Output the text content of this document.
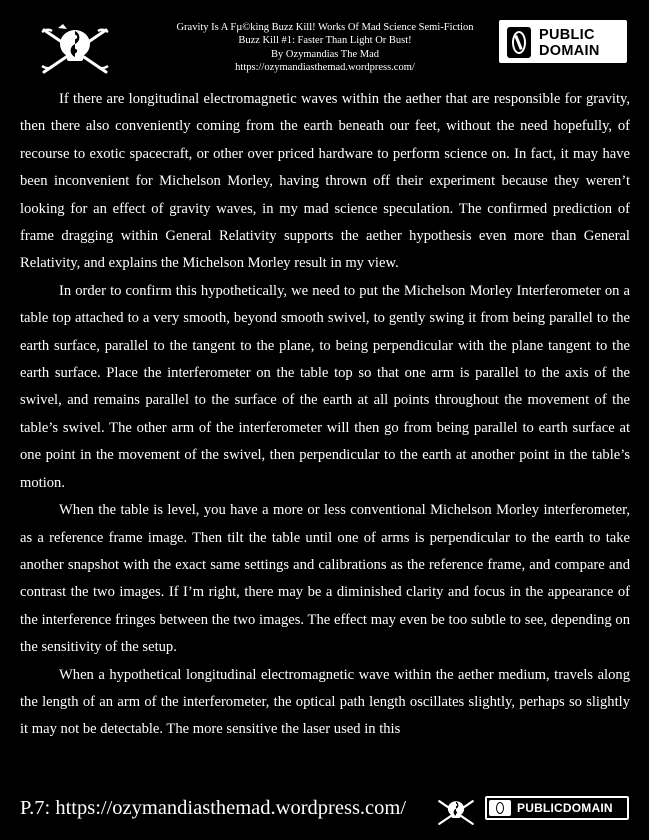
Gravity Is A Fµ©king Buzz Kill! Works Of Mad Science Semi-Fiction
Buzz Kill #1: Faster Than Light Or Bust!
By Ozymandias The Mad
https://ozymandiasthemad.wordpress.com/
PUBLIC
DOMAIN

If there are longitudinal electromagnetic waves within the aether that are responsible for gravity, then there also conveniently coming from the earth beneath our feet, without the need hopefully, of recourse to exotic spacecraft, or other over priced hardware to perform science on. In fact, it may have been inconvenient for Michelson Morley, having thrown off their experiment because they weren’t looking for an effect of gravity waves, in my mad science speculation. The confirmed prediction of frame dragging within General Relativity supports the aether hypothesis even more than General Relativity, and explains the Michelson Morley result in my view.

In order to confirm this hypothetically, we need to put the Michelson Morley Interferometer on a table top attached to a very smooth, beyond smooth swivel, to gently swing it from being parallel to the earth surface, parallel to the tangent to the plane, to being perpendicular with the plane tangent to the earth surface. Place the interferometer on the table top so that one arm is parallel to the axis of the swivel, and remains parallel to the surface of the earth at all points throughout the movement of the table’s swivel. The other arm of the interferometer will then go from being parallel to earth surface at one point in the movement of the swivel, then perpendicular to the earth at another point in the table’s motion.

When the table is level, you have a more or less conventional Michelson Morley interferometer, as a reference frame image. Then tilt the table until one of arms is perpendicular to the earth to take another snapshot with the exact same settings and calibrations as the reference frame, and compare and contrast the two images. If I’m right, there may be a diminished clarity and focus in the appearance of the interference fringes between the two images. The effect may even be too subtle to see, depending on the sensitivity of the setup.

When a hypothetical longitudinal electromagnetic wave within the aether medium, travels along the length of an arm of the interferometer, the optical path length oscillates slightly, perhaps so slightly it may not be detectable. The more sensitive the laser used in this

P.7: https://ozymandiasthemad.wordpress.com/	PUBLICDOMAIN
